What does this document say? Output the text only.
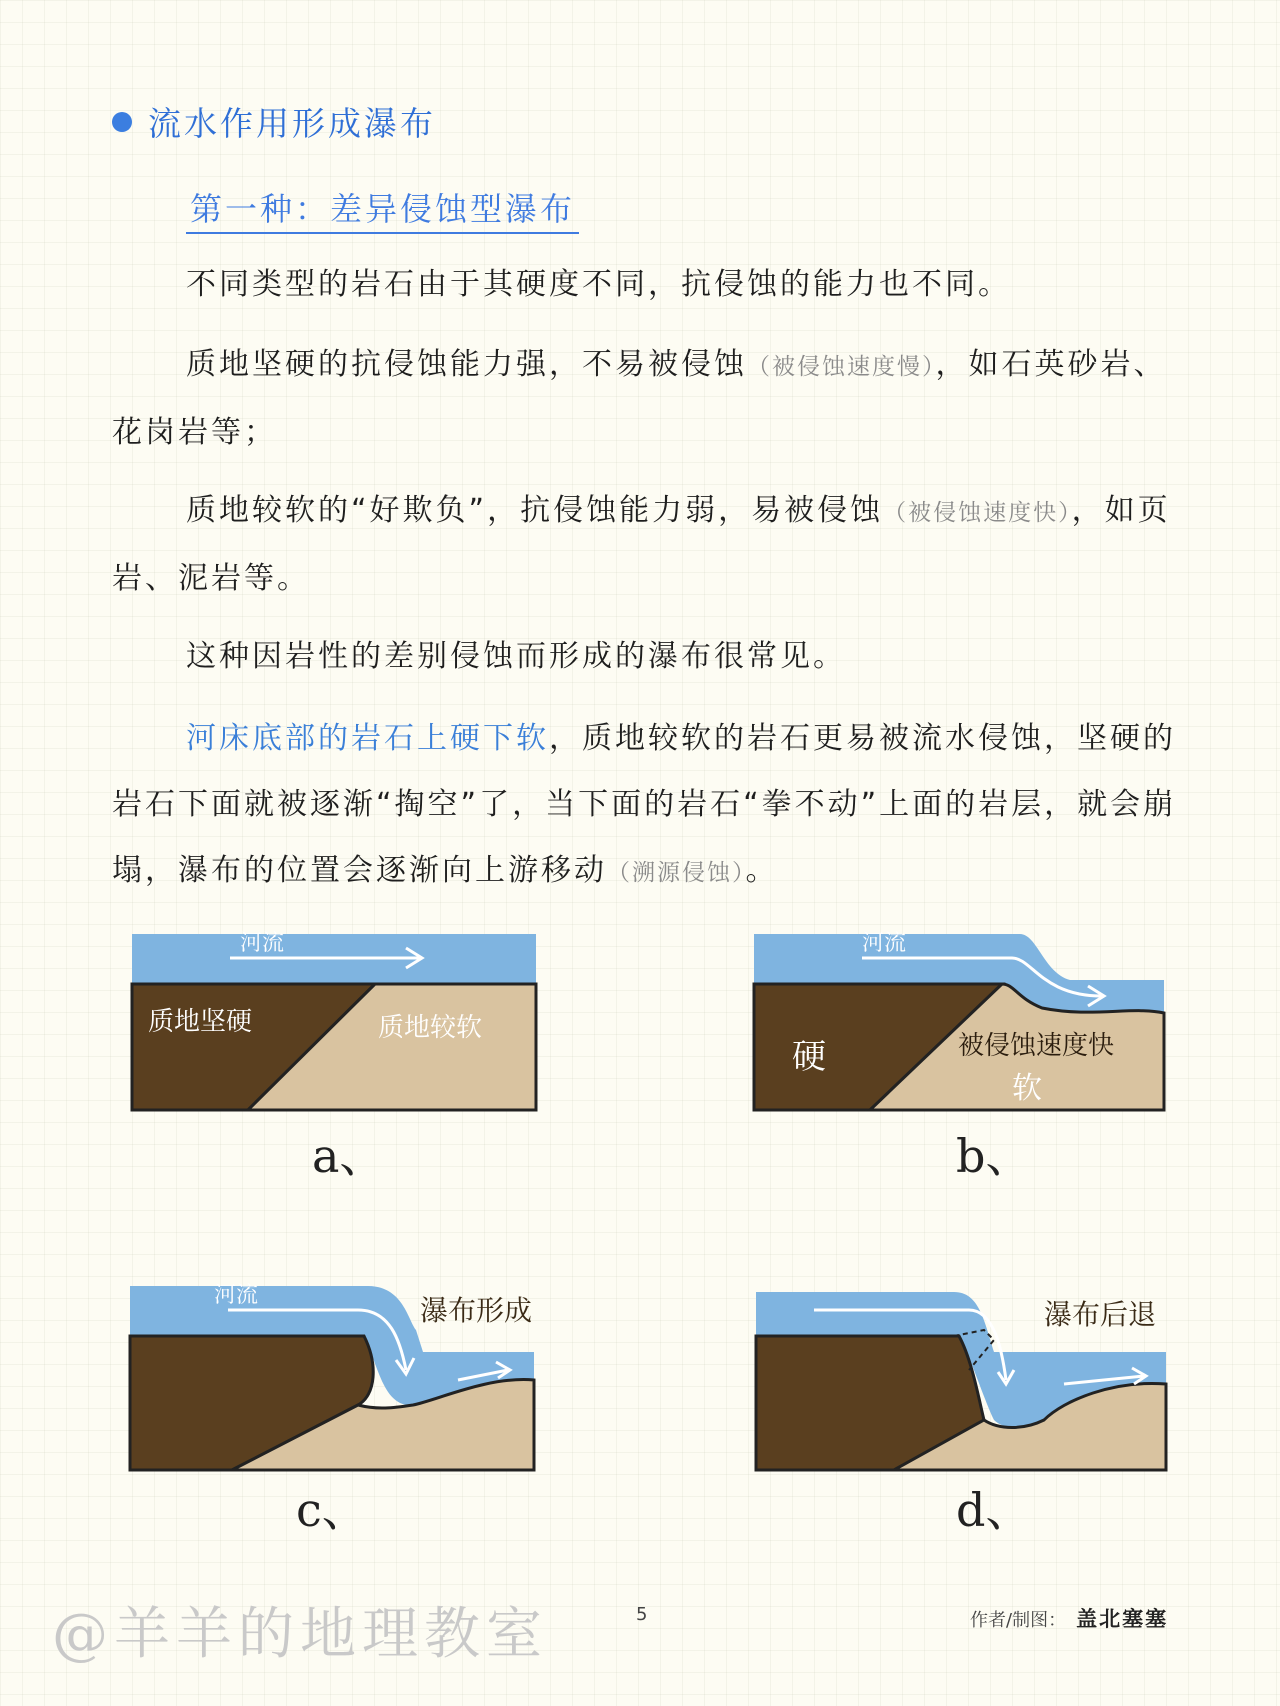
流水作用形成瀑布
第一种：差异侵蚀型瀑布
不同类型的岩石由于其硬度不同，抗侵蚀的能力也不同。
质地坚硬的抗侵蚀能力强，不易被侵蚀（被侵蚀速度慢），如石英砂岩、花岗岩等；
质地较软的“好欺负”，抗侵蚀能力弱，易被侵蚀（被侵蚀速度快），如页岩、泥岩等。
这种因岩性的差别侵蚀而形成的瀑布很常见。
河床底部的岩石上硬下软，质地较软的岩石更易被流水侵蚀，坚硬的岩石下面就被逐渐“掏空”了，当下面的岩石“拳不动”上面的岩层，就会崩塌，瀑布的位置会逐渐向上游移动（溯源侵蚀）。
河流
质地坚硬	质地较软
a、
河流
硬	被侵蚀速度快
软
b、
河流	瀑布形成
c、
瀑布后退
d、
@羊羊的地理教室	5	作者/制图： 盖北塞塞
